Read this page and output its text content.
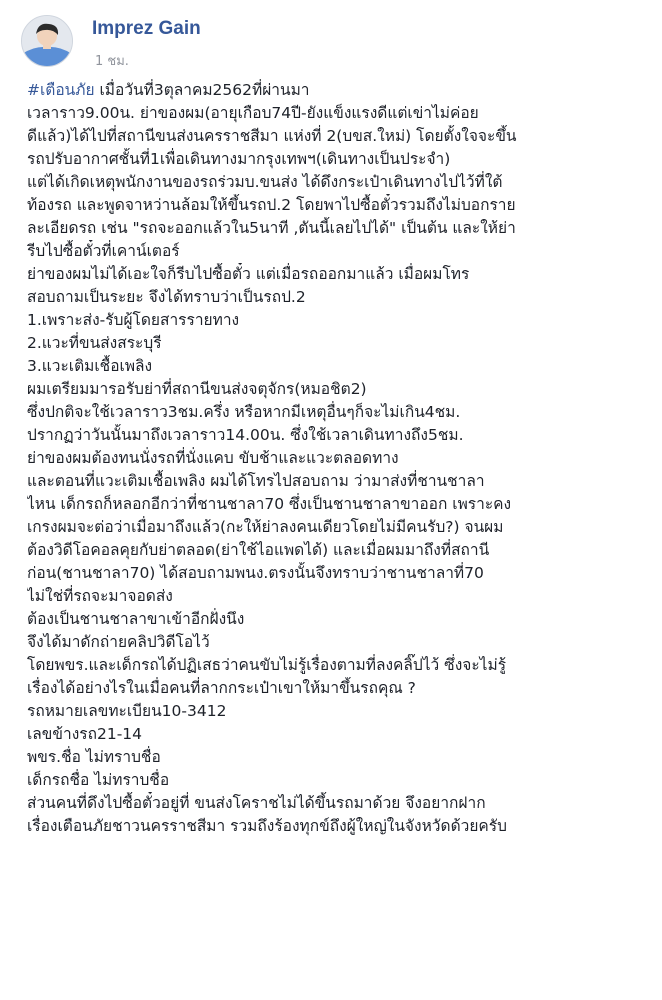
Imprez Gain
1 ชม.
#เตือนภัย เมื่อวันที่3ตุลาคม2562ที่ผ่านมา
เวลาราว9.00น. ย่าของผม(อายุเกือบ74ปี-ยังแข็งแรงดีแต่เข่าไม่ค่อย
ดีแล้ว)ได้ไปที่สถานีขนส่งนครราชสีมา แห่งที่ 2(บขส.ใหม่) โดยตั้งใจจะขึ้น
รถปรับอากาศชั้นที่1เพื่อเดินทางมากรุงเทพฯ(เดินทางเป็นประจำ)
แต่ได้เกิดเหตุพนักงานของรถร่วมบ.ขนส่ง ได้ดึงกระเป๋าเดินทางไปไว้ที่ใต้
ท้องรถ และพูดจาหว่านล้อมให้ขึ้นรถป.2 โดยพาไปซื้อตั๋วรวมถึงไม่บอกราย
ละเอียดรถ เช่น "รถจะออกแล้วใน5นาที ,ตันนี้เลยไปได้" เป็นต้น และให้ย่า
รีบไปซื้อตั๋วที่เคาน์เตอร์
ย่าของผมไม่ได้เอะใจก็รีบไปซื้อตั๋ว แต่เมื่อรถออกมาแล้ว เมื่อผมโทร
สอบถามเป็นระยะ จึงได้ทราบว่าเป็นรถป.2
1.เพราะส่ง-รับผู้โดยสารรายทาง
2.แวะที่ขนส่งสระบุรี
3.แวะเติมเชื้อเพลิง
ผมเตรียมมารอรับย่าที่สถานีขนส่งจตุจักร(หมอชิต2)
ซึ่งปกติจะใช้เวลาราว3ชม.ครึ่ง หรือหากมีเหตุอื่นๆก็จะไม่เกิน4ชม.
ปรากฏว่าวันนั้นมาถึงเวลาราว14.00น. ซึ่งใช้เวลาเดินทางถึง5ชม.
ย่าของผมต้องทนนั่งรถที่นั่งแคบ ขับช้าและแวะตลอดทาง
และตอนที่แวะเติมเชื้อเพลิง ผมได้โทรไปสอบถาม ว่ามาส่งที่ชานชาลา
ไหน เด็กรถก็หลอกอีกว่าที่ชานชาลา70 ซึ่งเป็นชานชาลาขาออก เพราะคง
เกรงผมจะต่อว่าเมื่อมาถึงแล้ว(กะให้ย่าลงคนเดียวโดยไม่มีคนรับ?) จนผม
ต้องวิดีโอคอลคุยกับย่าตลอด(ย่าใช้ไอแพดได้) และเมื่อผมมาถึงที่สถานี
ก่อน(ชานชาลา70) ได้สอบถามพนง.ตรงนั้นจึงทราบว่าชานชาลาที่70
ไม่ใช่ที่รถจะมาจอดส่ง
ต้องเป็นชานชาลาขาเข้าอีกฝั่งนึง
จึงได้มาดักถ่ายคลิปวิดีโอไว้
โดยพขร.และเด็กรถได้ปฏิเสธว่าคนขับไม่รู้เรื่องตามที่ลงคลิ๊ปไว้ ซึ่งจะไม่รู้
เรื่องได้อย่างไรในเมื่อคนที่ลากกระเป๋าเขาให้มาขึ้นรถคุณ ?
รถหมายเลขทะเบียน10-3412
เลขข้างรถ21-14
พขร.ชื่อ ไม่ทราบชื่อ
เด็กรถชื่อ ไม่ทราบชื่อ
ส่วนคนที่ดึงไปซื้อตั๋วอยู่ที่ ขนส่งโคราชไม่ได้ขึ้นรถมาด้วย จึงอยากฝาก
เรื่องเตือนภัยชาวนครราชสีมา รวมถึงร้องทุกข์ถึงผู้ใหญ่ในจังหวัดด้วยครับ
